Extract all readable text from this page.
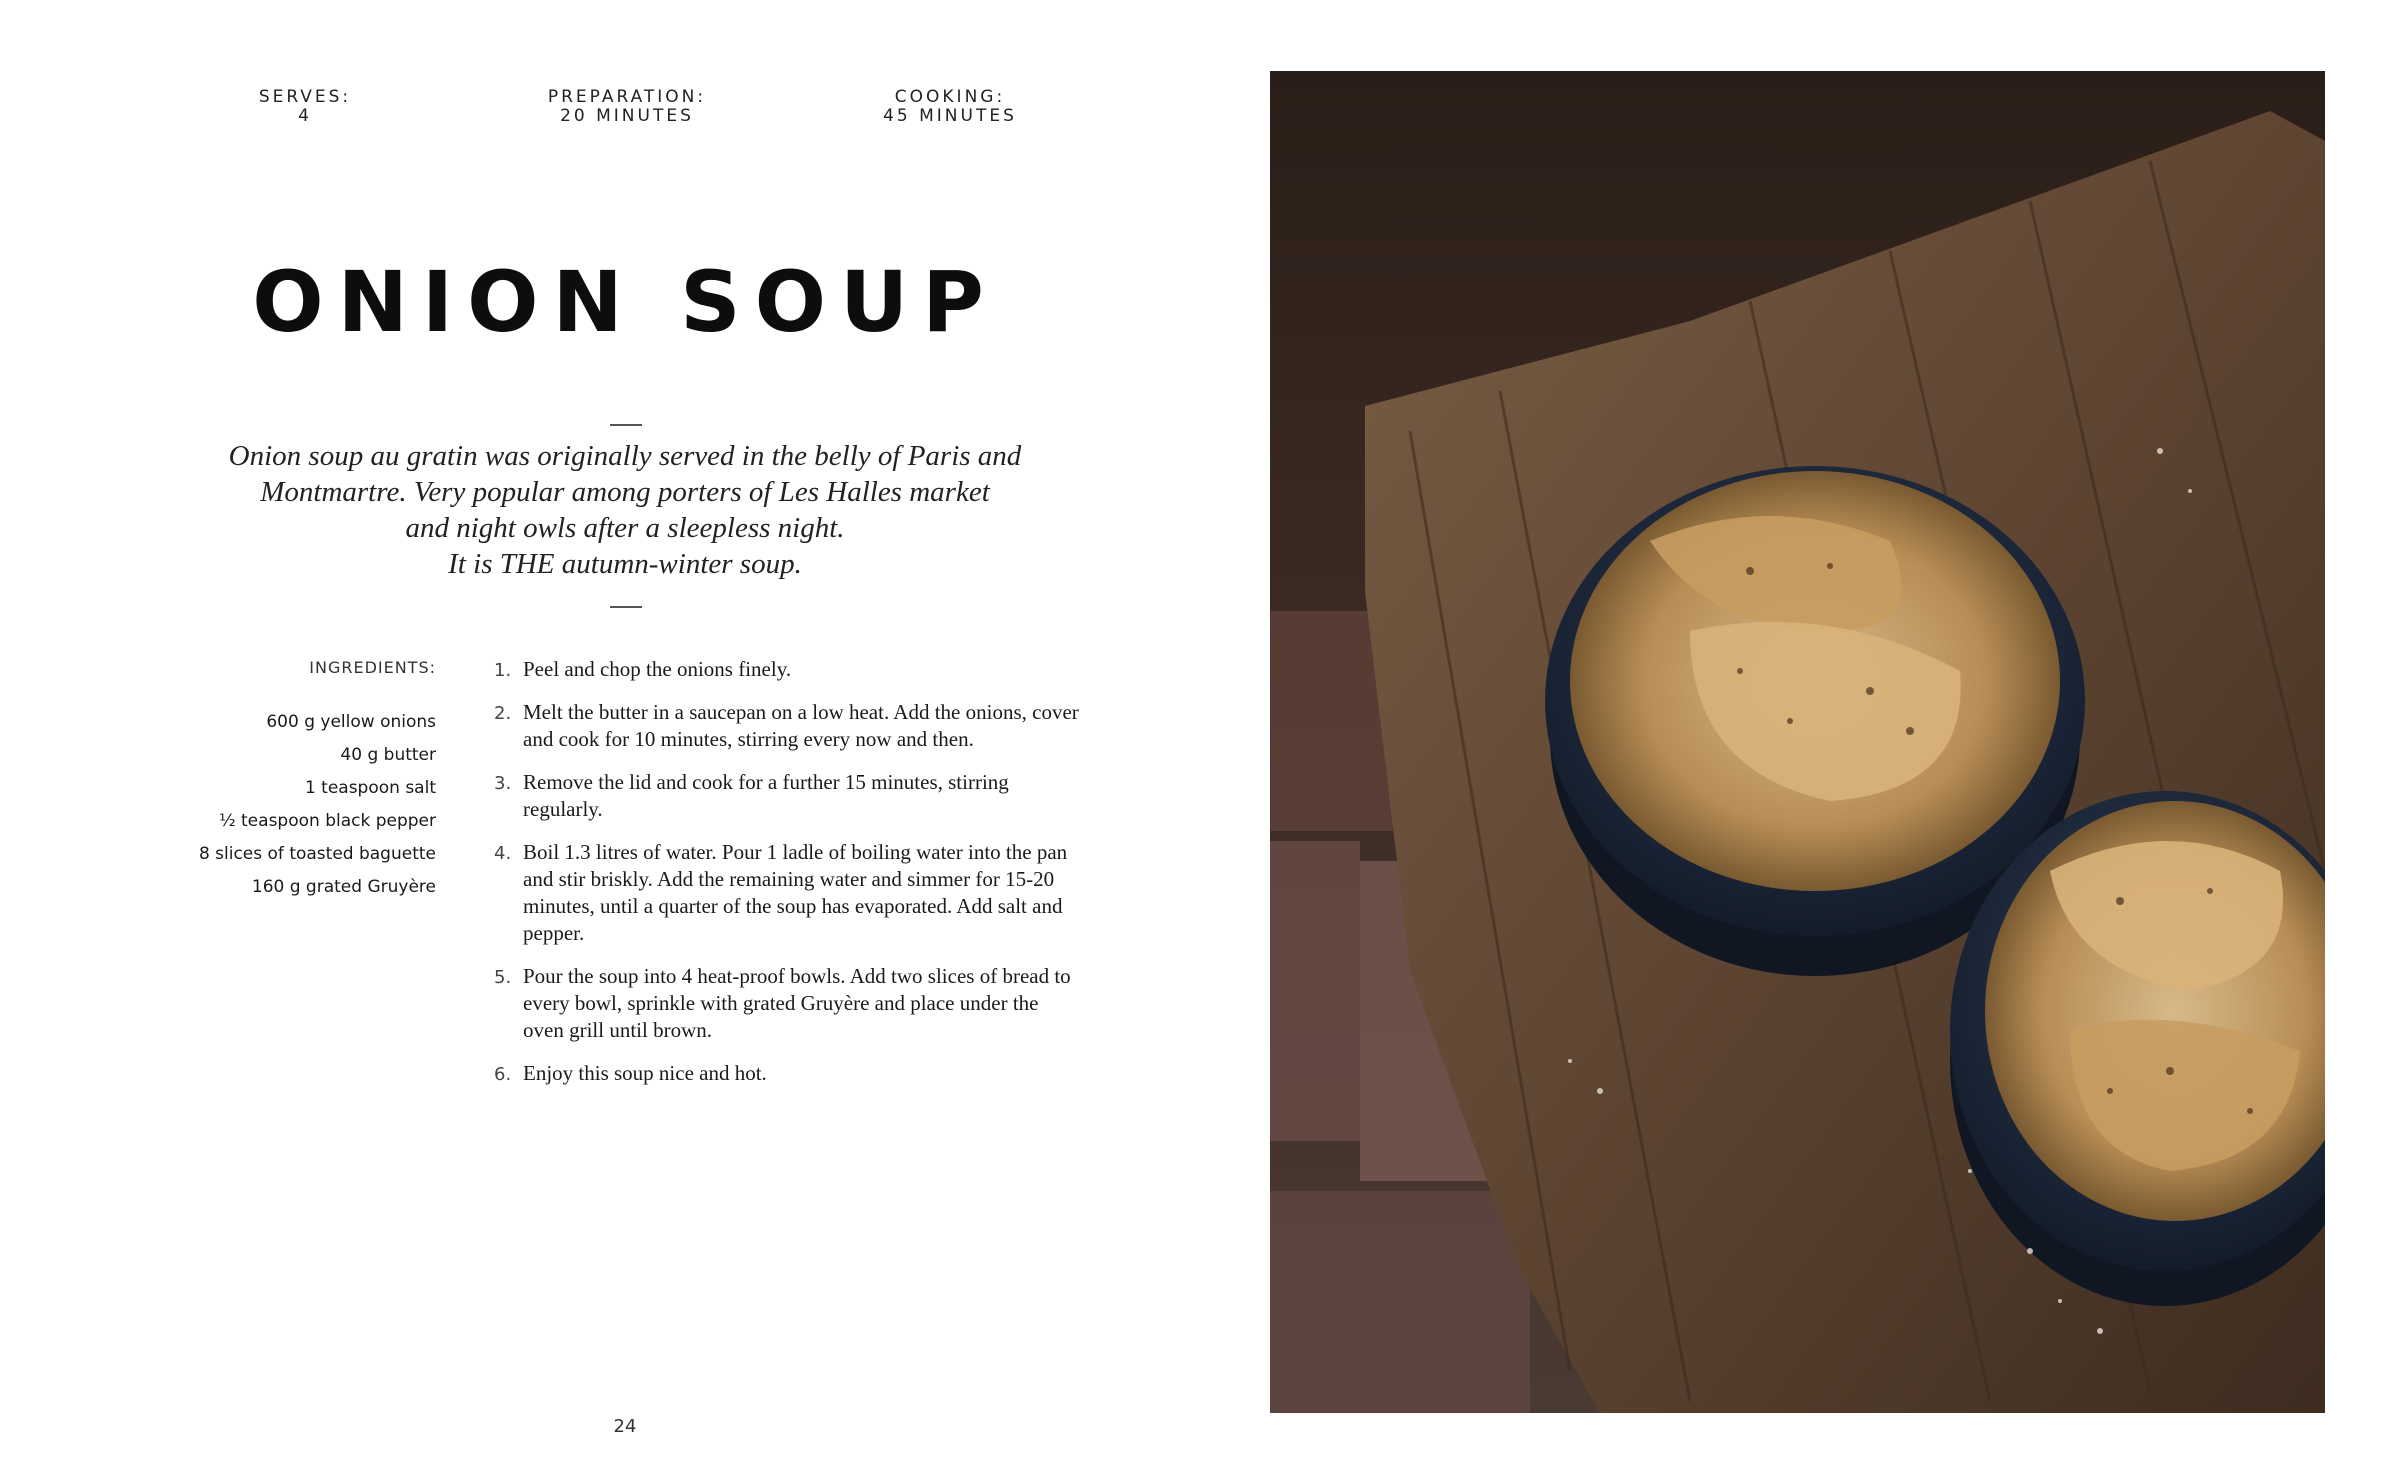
SERVES:
4
PREPARATION:
20 MINUTES
COOKING:
45 MINUTES
ONION SOUP
Onion soup au gratin was originally served in the belly of Paris and
Montmartre. Very popular among porters of Les Halles market
and night owls after a sleepless night.
It is THE autumn-winter soup.
INGREDIENTS:
600 g yellow onions
40 g butter
1 teaspoon salt
½ teaspoon black pepper
8 slices of toasted baguette
160 g grated Gruyère
1. Peel and chop the onions finely.
2. Melt the butter in a saucepan on a low heat. Add the onions, cover and cook for 10 minutes, stirring every now and then.
3. Remove the lid and cook for a further 15 minutes, stirring regularly.
4. Boil 1.3 litres of water. Pour 1 ladle of boiling water into the pan and stir briskly. Add the remaining water and simmer for 15-20 minutes, until a quarter of the soup has evaporated. Add salt and pepper.
5. Pour the soup into 4 heat-proof bowls. Add two slices of bread to every bowl, sprinkle with grated Gruyère and place under the oven grill until brown.
6. Enjoy this soup nice and hot.
24
